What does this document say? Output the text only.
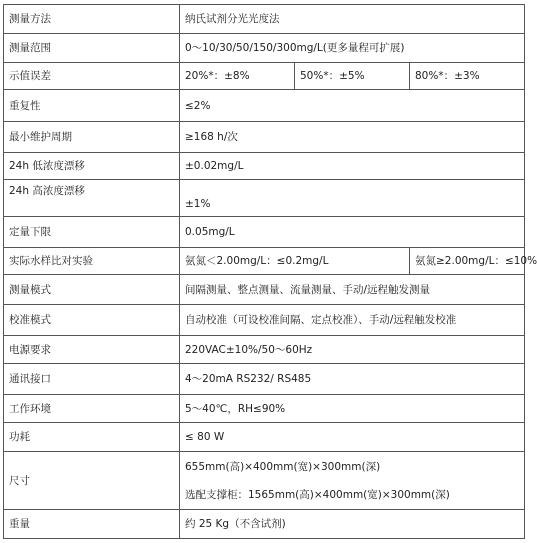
测量方法	纳氏试剂分光光度法		
测量范围	0～10/30/50/150/300mg/L(更多量程可扩展)		
示值误差	20%*：±8%	50%*：±5%	80%*：±3%
重复性	≤2%		
最小维护周期	≥168 h/次		
24h 低浓度漂移	±0.02mg/L		
24h 高浓度漂移	±1%		
定量下限	0.05mg/L		
实际水样比对实验	氨氮＜2.00mg/L：≤0.2mg/L		氨氮≥2.00mg/L：≤10%
测量模式	间隔测量、整点测量、流量测量、手动/远程触发测量		
校准模式	自动校准（可设校准间隔、定点校准）、手动/远程触发校准		
电源要求	220VAC±10%/50～60Hz		
通讯接口	4～20mA RS232/ RS485		
工作环境	5～40℃，RH≤90%		
功耗	≤ 80 W		
尺寸	655mm(高)×400mm(宽)×300mm(深)
选配支撑柜：1565mm(高)×400mm(宽)×300mm(深)		

重量	约 25 Kg（不含试剂)		
